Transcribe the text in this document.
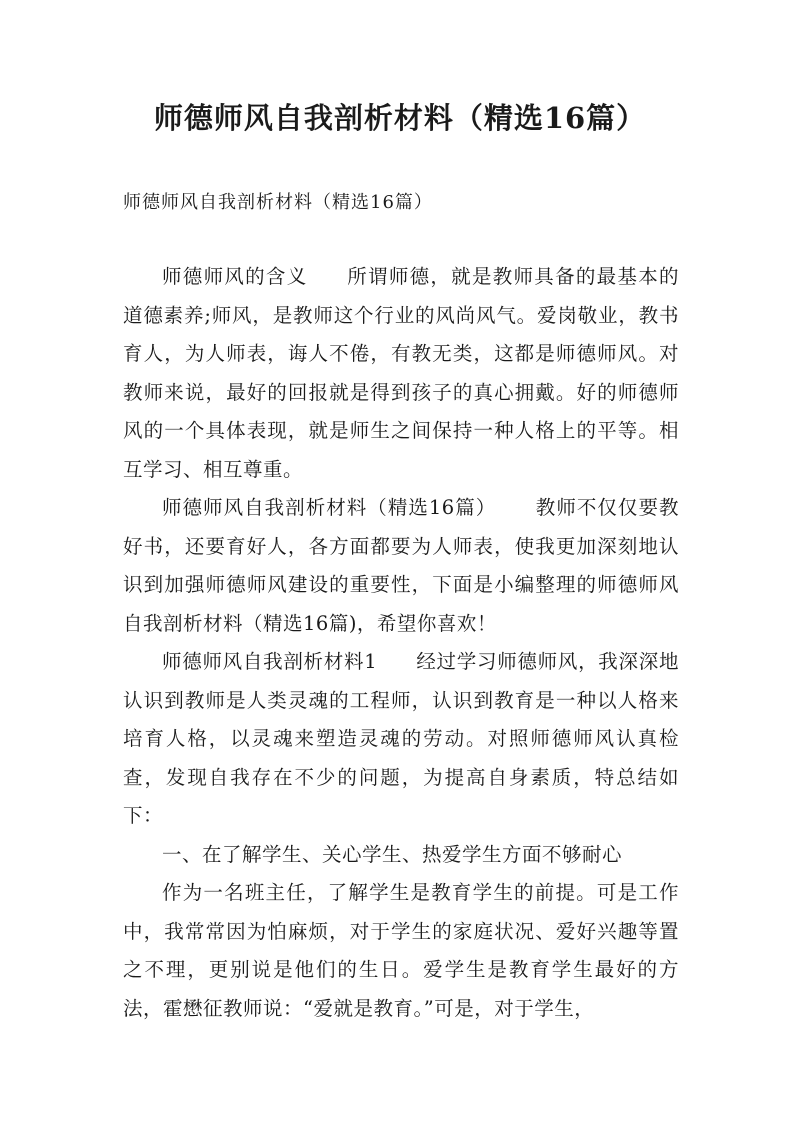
师德师风自我剖析材料（精选16篇）

师德师风自我剖析材料（精选16篇）

师德师风的含义 所谓师德，就是教师具备的最基本的道德素养;师风，是教师这个行业的风尚风气。爱岗敬业，教书育人，为人师表，诲人不倦，有教无类，这都是师德师风。对教师来说，最好的回报就是得到孩子的真心拥戴。好的师德师风的一个具体表现，就是师生之间保持一种人格上的平等。相互学习、相互尊重。

师德师风自我剖析材料（精选16篇） 教师不仅仅要教好书，还要育好人，各方面都要为人师表，使我更加深刻地认识到加强师德师风建设的重要性，下面是小编整理的师德师风自我剖析材料（精选16篇)，希望你喜欢！

师德师风自我剖析材料1 经过学习师德师风，我深深地认识到教师是人类灵魂的工程师，认识到教育是一种以人格来培育人格，以灵魂来塑造灵魂的劳动。对照师德师风认真检查，发现自我存在不少的问题，为提高自身素质，特总结如下：

一、在了解学生、关心学生、热爱学生方面不够耐心

作为一名班主任，了解学生是教育学生的前提。可是工作中，我常常因为怕麻烦，对于学生的家庭状况、爱好兴趣等置之不理，更别说是他们的生日。爱学生是教育学生最好的方法，霍懋征教师说：“爱就是教育。”可是，对于学生，
